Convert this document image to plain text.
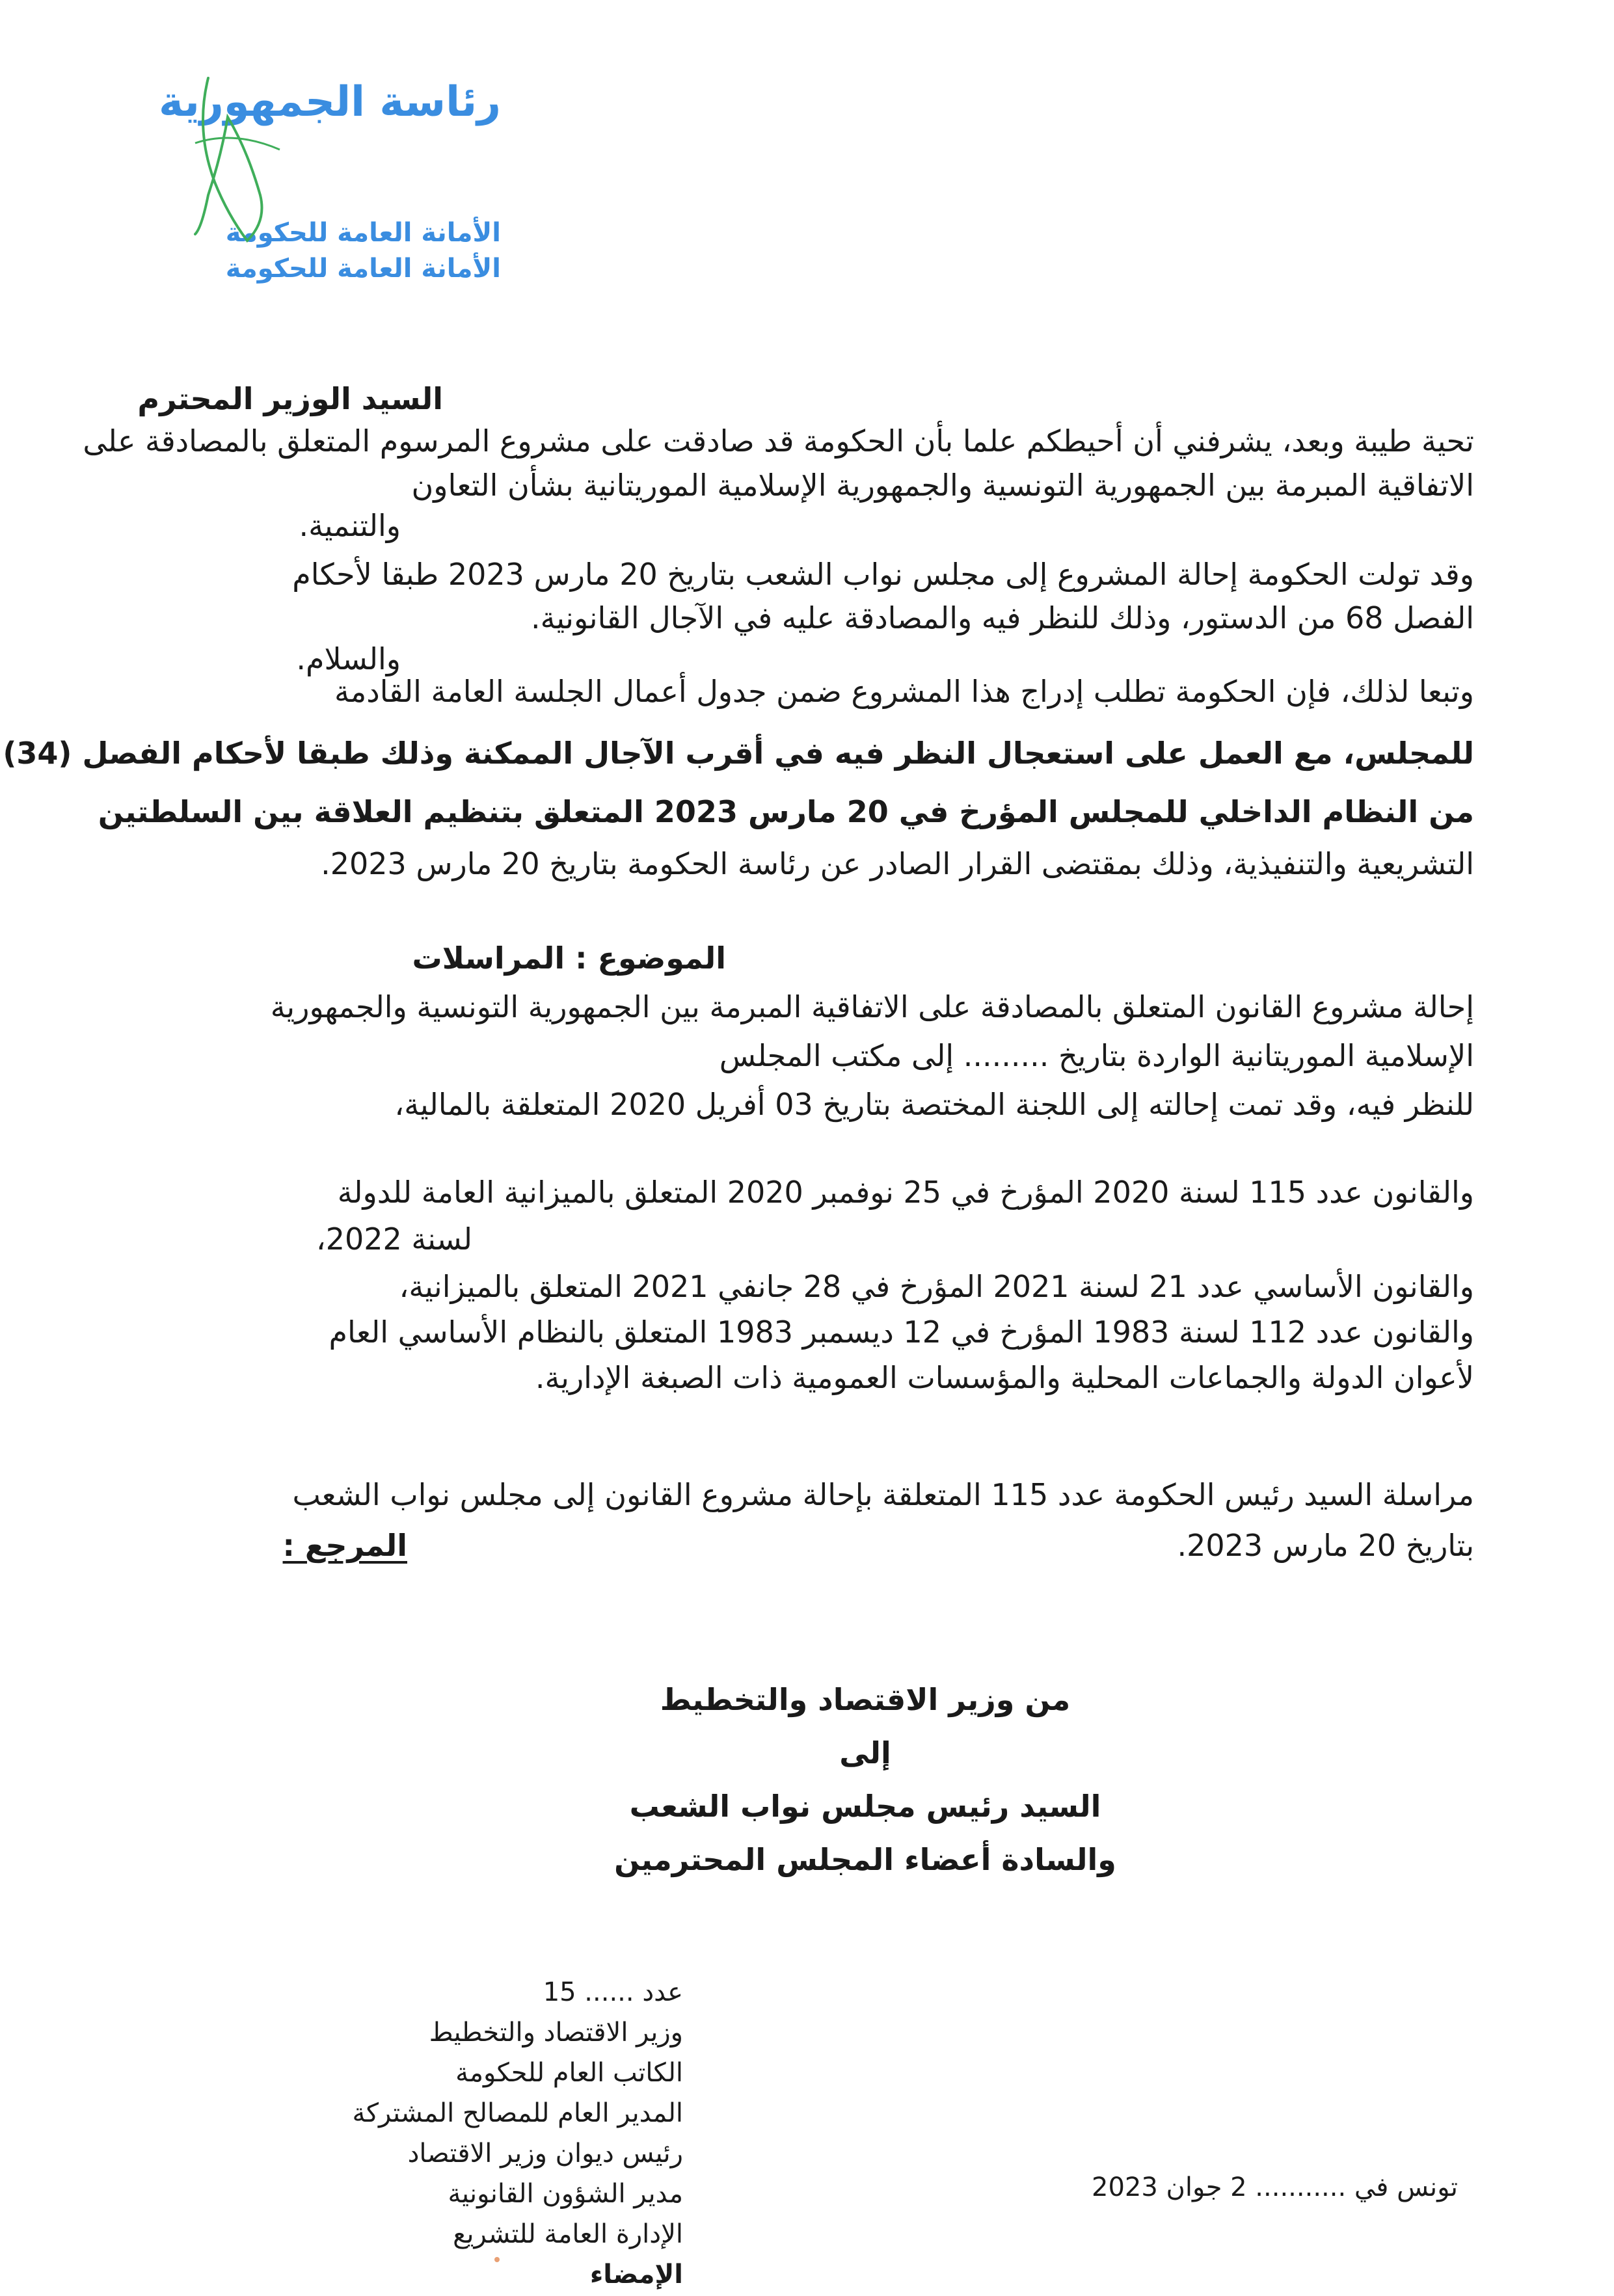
رئاسة الجمهورية
الأمانة العامة للحكومة
الأمانة العامة للحكومة
السيد الوزير المحترم
تحية طيبة وبعد، يشرفني أن أحيطكم علما بأن الحكومة قد صادقت على مشروع المرسوم المتعلق بالمصادقة على
الاتفاقية المبرمة بين الجمهورية التونسية والجمهورية الإسلامية الموريتانية بشأن التعاون
والتنمية.
وقد تولت الحكومة إحالة المشروع إلى مجلس نواب الشعب بتاريخ 20 مارس 2023 طبقا لأحكام
الفصل 68 من الدستور، وذلك للنظر فيه والمصادقة عليه في الآجال القانونية.
والسلام.
وتبعا لذلك، فإن الحكومة تطلب إدراج هذا المشروع ضمن جدول أعمال الجلسة العامة القادمة
للمجلس، مع العمل على استعجال النظر فيه في أقرب الآجال الممكنة وذلك طبقا لأحكام الفصل (34)
من النظام الداخلي للمجلس المؤرخ في 20 مارس 2023 المتعلق بتنظيم العلاقة بين السلطتين
التشريعية والتنفيذية، وذلك بمقتضى القرار الصادر عن رئاسة الحكومة بتاريخ 20 مارس 2023.
الموضوع : المراسلات
إحالة مشروع القانون المتعلق بالمصادقة على الاتفاقية المبرمة بين الجمهورية التونسية والجمهورية
الإسلامية الموريتانية الواردة بتاريخ ......... إلى مكتب المجلس
للنظر فيه، وقد تمت إحالته إلى اللجنة المختصة بتاريخ 03 أفريل 2020 المتعلقة بالمالية،
والقانون عدد 115 لسنة 2020 المؤرخ في 25 نوفمبر 2020 المتعلق بالميزانية العامة للدولة
لسنة 2022،
والقانون الأساسي عدد 21 لسنة 2021 المؤرخ في 28 جانفي 2021 المتعلق بالميزانية،
والقانون عدد 112 لسنة 1983 المؤرخ في 12 ديسمبر 1983 المتعلق بالنظام الأساسي العام
لأعوان الدولة والجماعات المحلية والمؤسسات العمومية ذات الصبغة الإدارية.
مراسلة السيد رئيس الحكومة عدد 115 المتعلقة بإحالة مشروع القانون إلى مجلس نواب الشعب
المرجع :	بتاريخ 20 مارس 2023.
من وزير الاقتصاد والتخطيط
إلى
السيد رئيس مجلس نواب الشعب
والسادة أعضاء المجلس المحترمين
عدد ...... 15
وزير الاقتصاد والتخطيط
الكاتب العام للحكومة
المدير العام للمصالح المشتركة
رئيس ديوان وزير الاقتصاد
مدير الشؤون القانونية
الإدارة العامة للتشريع
الإمضاء
تونس في ........... 2 جوان 2023
